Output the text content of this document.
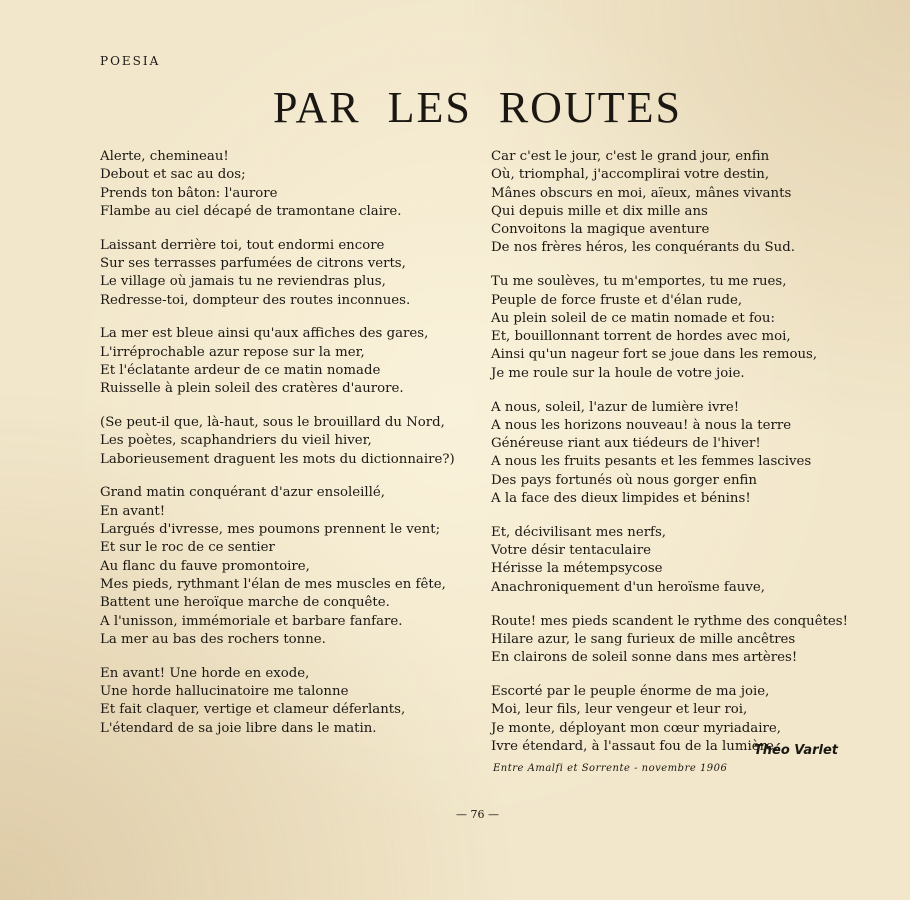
POESIA
PAR LES ROUTES
Alerte, chemineau!
Debout et sac au dos;
Prends ton bâton: l'aurore
Flambe au ciel décapé de tramontane claire.
Laissant derrière toi, tout endormi encore
Sur ses terrasses parfumées de citrons verts,
Le village où jamais tu ne reviendras plus,
Redresse-toi, dompteur des routes inconnues.
La mer est bleue ainsi qu'aux affiches des gares,
L'irréprochable azur repose sur la mer,
Et l'éclatante ardeur de ce matin nomade
Ruisselle à plein soleil des cratères d'aurore.
(Se peut-il que, là-haut, sous le brouillard du Nord,
Les poètes, scaphandriers du vieil hiver,
Laborieusement draguent les mots du dictionnaire?)
Grand matin conquérant d'azur ensoleillé,
En avant!
Largués d'ivresse, mes poumons prennent le vent;
Et sur le roc de ce sentier
Au flanc du fauve promontoire,
Mes pieds, rythmant l'élan de mes muscles en fête,
Battent une heroïque marche de conquête.
A l'unisson, immémoriale et barbare fanfare.
La mer au bas des rochers tonne.
En avant! Une horde en exode,
Une horde hallucinatoire me talonne
Et fait claquer, vertige et clameur déferlants,
L'étendard de sa joie libre dans le matin.
Car c'est le jour, c'est le grand jour, enfin
Où, triomphal, j'accomplirai votre destin,
Mânes obscurs en moi, aïeux, mânes vivants
Qui depuis mille et dix mille ans
Convoitons la magique aventure
De nos frères héros, les conquérants du Sud.
Tu me soulèves, tu m'emportes, tu me rues,
Peuple de force fruste et d'élan rude,
Au plein soleil de ce matin nomade et fou:
Et, bouillonnant torrent de hordes avec moi,
Ainsi qu'un nageur fort se joue dans les remous,
Je me roule sur la houle de votre joie.
A nous, soleil, l'azur de lumière ivre!
A nous les horizons nouveau! à nous la terre
Généreuse riant aux tiédeurs de l'hiver!
A nous les fruits pesants et les femmes lascives
Des pays fortunés où nous gorger enfin
A la face des dieux limpides et bénins!
Et, décivilisant mes nerfs,
Votre désir tentaculaire
Hérisse la métempsycose
Anachroniquement d'un heroïsme fauve,
Route! mes pieds scandent le rythme des conquêtes!
Hilare azur, le sang furieux de mille ancêtres
En clairons de soleil sonne dans mes artères!
Escorté par le peuple énorme de ma joie,
Moi, leur fils, leur vengeur et leur roi,
Je monte, déployant mon cœur myriadaire,
Ivre étendard, à l'assaut fou de la lumière.
Théo Varlet
Entre Amalfi et Sorrente - novembre 1906
— 76 —
